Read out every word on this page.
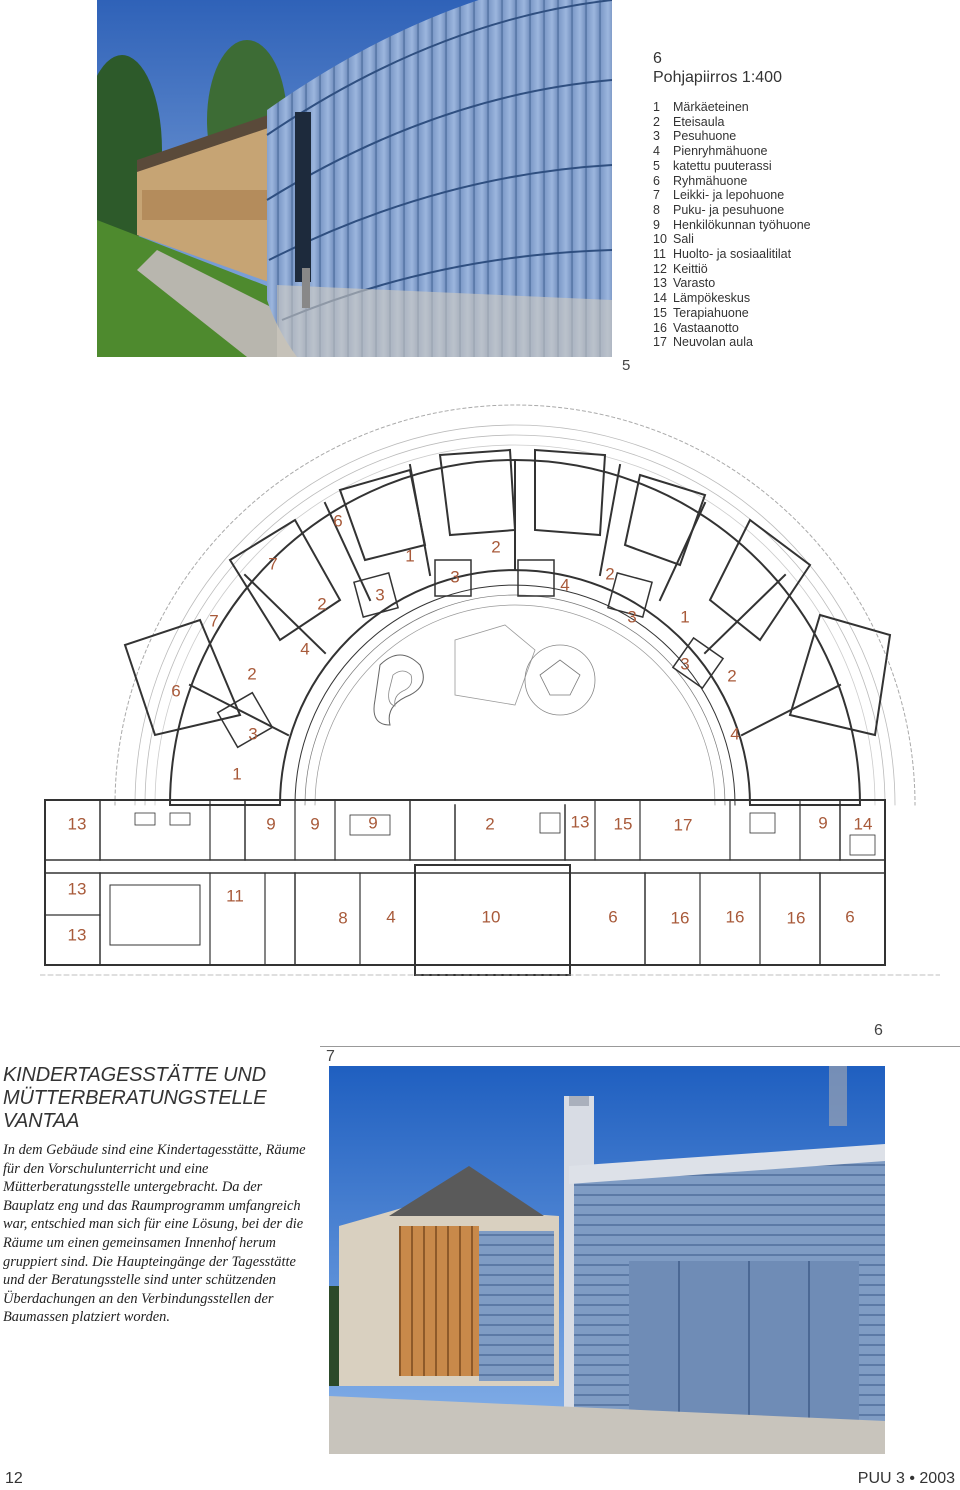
5
6
Pohjapiirros 1:400
1 Märkäeteinen
2 Eteisaula
3 Pesuhuone
4 Pienryhmähuone
5 katettu puuterassi
6 Ryhmähuone
7 Leikki- ja lepohuone
8 Puku- ja pesuhuone
9 Henkilökunnan työhuone
10 Sali
11 Huolto- ja sosiaalitilat
12 Keittiö
13 Varasto
14 Lämpökeskus
15 Terapiahuone
16 Vastaanotto
17 Neuvolan aula
6
7	1	2
3
2	3
4
2
3	1
7
6
2
4
3
2
1
3	4
13	9 9	9	2	13 15 17	9 14
13	11
13
8 4	10	6	16 16 16 6
6
7
KINDERTAGESSTÄTTE UND
MÜTTERBERATUNGSTELLE
VANTAA

In dem Gebäude sind eine Kindertagesstätte, Räume für den Vorschulunterricht und eine Mütterberatungsstelle untergebracht. Da der Bauplatz eng und das Raumprogramm umfangreich war, entschied man sich für eine Lösung, bei der die Räume um einen gemeinsamen Innenhof herum gruppiert sind. Die Haupteingänge der Tagesstätte und der Beratungsstelle sind unter schützenden Überdachungen an den Verbindungsstellen der Baumassen platziert worden.

12	PUU 3 • 2003
